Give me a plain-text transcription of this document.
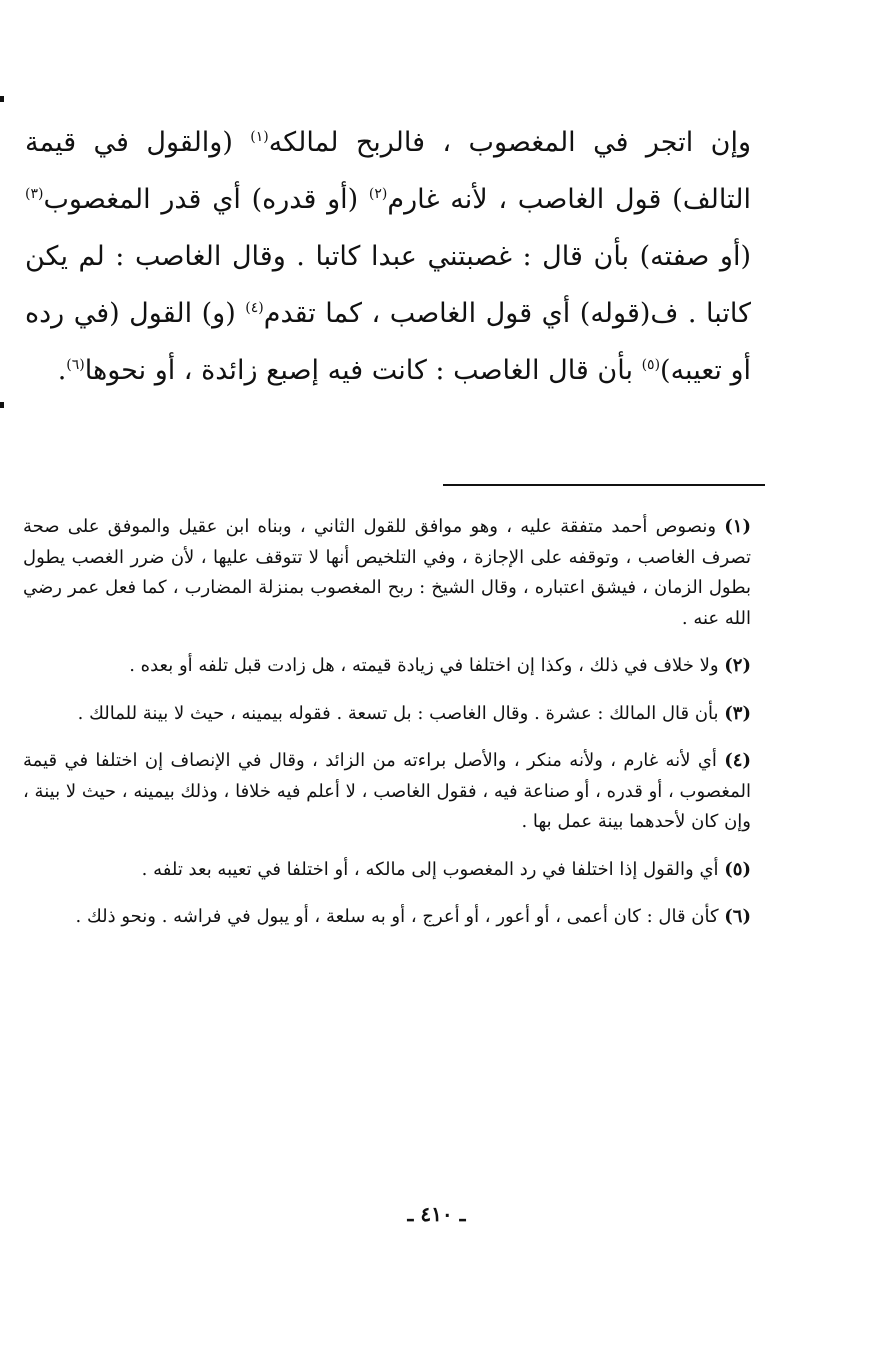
وإن اتجر في المغصوب ، فالربح لمالكه$^{(١)}$ (والقول في قيمة التالف) قول الغاصب ، لأنه غارم$^{(٢)}$ (أو قدره) أي قدر المغصوب$^{(٣)}$ (أو صفته) بأن قال : غصبتني عبدا كاتبا . وقال الغاصب : لم يكن كاتبا . ف(قوله) أي قول الغاصب ، كما تقدم$^{(٤)}$ (و) القول (في رده أو تعيبه)$^{(٥)}$ بأن قال الغاصب : كانت فيه إصبع زائدة ، أو نحوها$^{(٦)}$.

(١) ونصوص أحمد متفقة عليه ، وهو موافق للقول الثاني ، وبناه ابن عقيل والموفق على صحة تصرف الغاصب ، وتوقفه على الإجازة ، وفي التلخيص أنها لا تتوقف عليها ، لأن ضرر الغصب يطول بطول الزمان ، فيشق اعتباره ، وقال الشيخ : ربح المغصوب بمنزلة المضارب ، كما فعل عمر رضي الله عنه .

(٢) ولا خلاف في ذلك ، وكذا إن اختلفا في زيادة قيمته ، هل زادت قبل تلفه أو بعده .

(٣) بأن قال المالك : عشرة . وقال الغاصب : بل تسعة . فقوله بيمينه ، حيث لا بينة للمالك .

(٤) أي لأنه غارم ، ولأنه منكر ، والأصل براءته من الزائد ، وقال في الإنصاف إن اختلفا في قيمة المغصوب ، أو قدره ، أو صناعة فيه ، فقول الغاصب ، لا أعلم فيه خلافا ، وذلك بيمينه ، حيث لا بينة ، وإن كان لأحدهما بينة عمل بها .

(٥) أي والقول إذا اختلفا في رد المغصوب إلى مالكه ، أو اختلفا في تعيبه بعد تلفه .

(٦) كأن قال : كان أعمى ، أو أعور ، أو أعرج ، أو به سلعة ، أو يبول في فراشه . ونحو ذلك .

ـ ٤١٠ ـ
